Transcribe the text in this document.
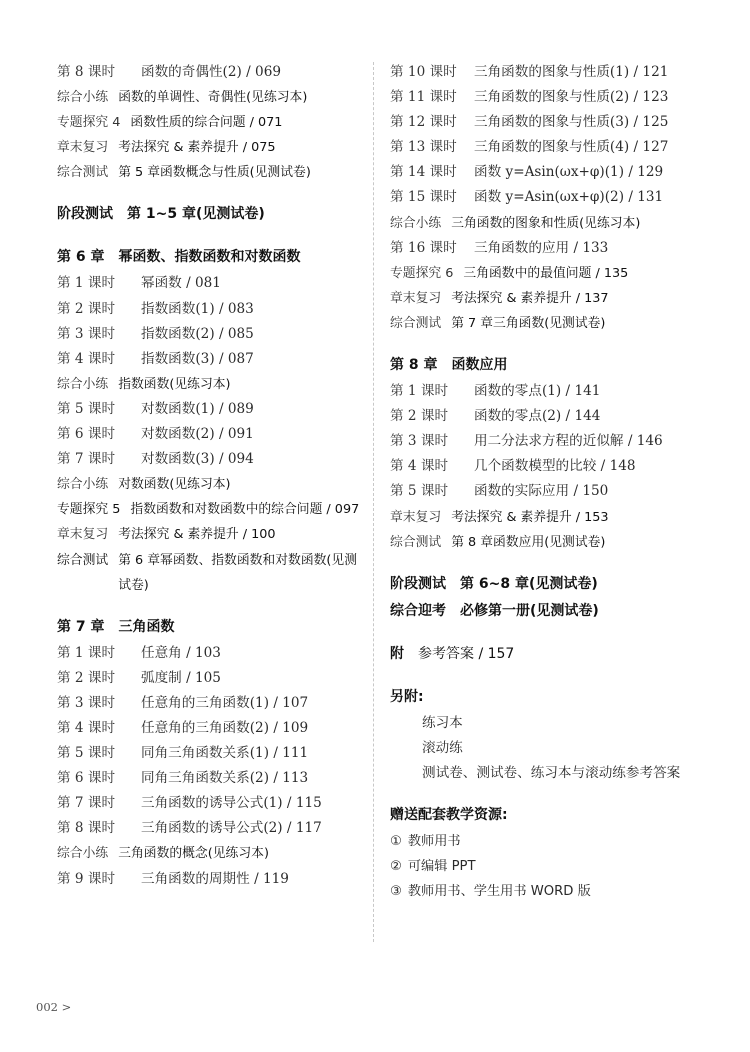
第 8 课时 函数的奇偶性(2) / 069
综合小练 函数的单调性、奇偶性(见练习本)
专题探究 4 函数性质的综合问题 / 071
章末复习 考法探究 & 素养提升 / 075
综合测试 第 5 章函数概念与性质(见测试卷)
阶段测试 第 1~5 章(见测试卷)
第 6 章 幂函数、指数函数和对数函数
第 1 课时 幂函数 / 081
第 2 课时 指数函数(1) / 083
第 3 课时 指数函数(2) / 085
第 4 课时 指数函数(3) / 087
综合小练 指数函数(见练习本)
第 5 课时 对数函数(1) / 089
第 6 课时 对数函数(2) / 091
第 7 课时 对数函数(3) / 094
综合小练 对数函数(见练习本)
专题探究 5 指数函数和对数函数中的综合问题 / 097
章末复习 考法探究 & 素养提升 / 100
综合测试 第 6 章幂函数、指数函数和对数函数(见测试卷)
第 7 章 三角函数
第 1 课时 任意角 / 103
第 2 课时 弧度制 / 105
第 3 课时 任意角的三角函数(1) / 107
第 4 课时 任意角的三角函数(2) / 109
第 5 课时 同角三角函数关系(1) / 111
第 6 课时 同角三角函数关系(2) / 113
第 7 课时 三角函数的诱导公式(1) / 115
第 8 课时 三角函数的诱导公式(2) / 117
综合小练 三角函数的概念(见练习本)
第 9 课时 三角函数的周期性 / 119
第 10 课时 三角函数的图象与性质(1) / 121
第 11 课时 三角函数的图象与性质(2) / 123
第 12 课时 三角函数的图象与性质(3) / 125
第 13 课时 三角函数的图象与性质(4) / 127
第 14 课时 函数 y=Asin(ωx+φ)(1) / 129
第 15 课时 函数 y=Asin(ωx+φ)(2) / 131
综合小练 三角函数的图象和性质(见练习本)
第 16 课时 三角函数的应用 / 133
专题探究 6 三角函数中的最值问题 / 135
章末复习 考法探究 & 素养提升 / 137
综合测试 第 7 章三角函数(见测试卷)
第 8 章 函数应用
第 1 课时 函数的零点(1) / 141
第 2 课时 函数的零点(2) / 144
第 3 课时 用二分法求方程的近似解 / 146
第 4 课时 几个函数模型的比较 / 148
第 5 课时 函数的实际应用 / 150
章末复习 考法探究 & 素养提升 / 153
综合测试 第 8 章函数应用(见测试卷)
阶段测试 第 6~8 章(见测试卷)
综合迎考 必修第一册(见测试卷)
附 参考答案 / 157
另附:
练习本
滚动练
测试卷、测试卷、练习本与滚动练参考答案
赠送配套教学资源:
① 教师用书
② 可编辑 PPT
③ 教师用书、学生用书 WORD 版
002 >
